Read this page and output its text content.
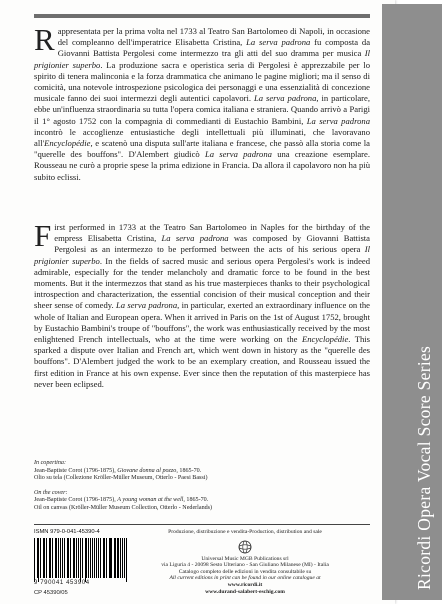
Ricordi Opera Vocal Score Series

Rappresentata per la prima volta nel 1733 al Teatro San Bartolomeo di Napoli, in occasione del compleanno dell'imperatrice Elisabetta Cristina, La serva padrona fu composta da Giovanni Battista Pergolesi come intermezzo tra gli atti del suo dramma per musica Il prigionier superbo. La produzione sacra e operistica seria di Pergolesi è apprezzabile per lo spirito di tenera malinconia e la forza drammatica che animano le pagine migliori; ma il senso di comicità, una notevole introspezione psicologica dei personaggi e una essenzialità di concezione musicale fanno dei suoi intermezzi degli autentici capolavori. La serva padrona, in particolare, ebbe un'influenza straordinaria su tutta l'opera comica italiana e straniera. Quando arrivò a Parigi il 1° agosto 1752 con la compagnia di commedianti di Eustachio Bambini, La serva padrona incontrò le accoglienze entusiastiche degli intellettuali più illuminati, che lavoravano all'Encyclopédie, e scatenò una disputa sull'arte italiana e francese, che passò alla storia come la "querelle des bouffons". D'Alembert giudicò La serva padrona una creazione esemplare. Rousseau ne curò a proprie spese la prima edizione in Francia. Da allora il capolavoro non ha più subito eclissi.

First performed in 1733 at the Teatro San Bartolomeo in Naples for the birthday of the empress Elisabetta Cristina, La serva padrona was composed by Giovanni Battista Pergolesi as an intermezzo to be performed between the acts of his serious opera Il prigionier superbo. In the fields of sacred music and serious opera Pergolesi's work is indeed admirable, especially for the tender melancholy and dramatic force to be found in the best moments. But it the intermezzos that stand as his true masterpieces thanks to their psychological introspection and characterization, the essential concision of their musical conception and their sheer sense of comedy. La serva padrona, in particular, exerted an extraordinary influence on the whole of Italian and European opera. When it arrived in Paris on the 1st of August 1752, brought by Eustachio Bambini's troupe of "bouffons", the work was enthusiastically received by the most enlightened French intellectuals, who at the time were working on the Encyclopédie. This sparked a dispute over Italian and French art, which went down in history as the "querelle des bouffons". D'Alembert judged the work to be an exemplary creation, and Rousseau issued the first edition in France at his own expense. Ever since then the reputation of this masterpiece has never been eclipsed.

In copertina:
Jean-Baptiste Corot (1796-1875), Giovane donna al pozzo, 1865-70.
Olio su tela (Collezione Kröller-Müller Museum, Otterlo - Paesi Bassi)
On the cover:
Jean-Baptiste Corot (1796-1875), A young woman at the well, 1865-70.
Oil on canvas (Kröller-Müller Museum Collection, Otterlo - Nederlands)
ISMN 979-0-041-45390-4
9 790041 453904
CP 45390/05
Produzione, distribuzione e vendita-Production, distribution and sale
Universal Music MGB Publications srl
via Liguria 4 - 20098 Sesto Ulteriano - San Giuliano Milanese (MI) - Italia
Catalogo completo delle edizioni in vendita consultabile su
All current editions in print can be found in our online catalogue at
www.ricordi.it
www.durand-salabert-eschig.com
